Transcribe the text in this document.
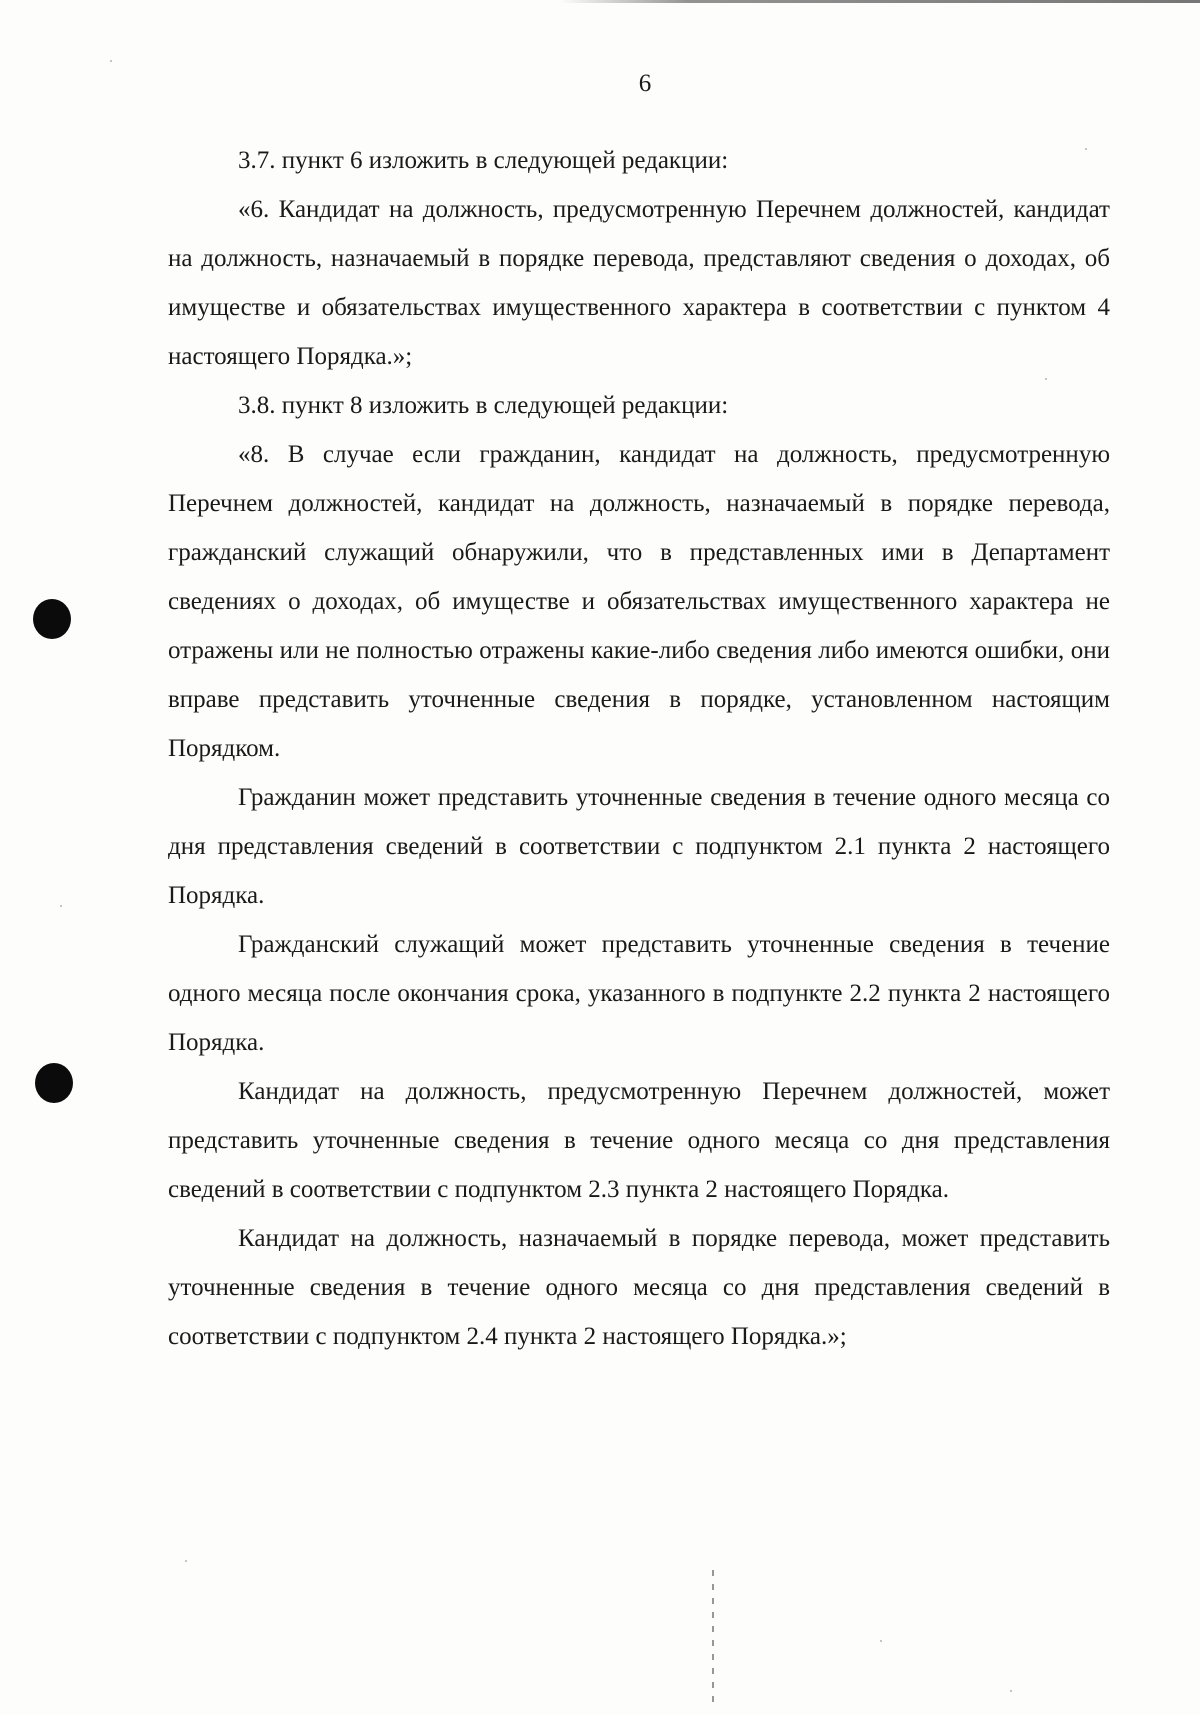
6

3.7. пункт 6 изложить в следующей редакции:

«6. Кандидат на должность, предусмотренную Перечнем должностей, кандидат на должность, назначаемый в порядке перевода, представляют сведения о доходах, об имуществе и обязательствах имущественного характера в соответствии с пунктом 4 настоящего Порядка.»;

3.8. пункт 8 изложить в следующей редакции:

«8. В случае если гражданин, кандидат на должность, предусмотренную Перечнем должностей, кандидат на должность, назначаемый в порядке перевода, гражданский служащий обнаружили, что в представленных ими в Департамент сведениях о доходах, об имуществе и обязательствах имущественного характера не отражены или не полностью отражены какие-либо сведения либо имеются ошибки, они вправе представить уточненные сведения в порядке, установленном настоящим Порядком.

Гражданин может представить уточненные сведения в течение одного месяца со дня представления сведений в соответствии с подпунктом 2.1 пункта 2 настоящего Порядка.

Гражданский служащий может представить уточненные сведения в течение одного месяца после окончания срока, указанного в подпункте 2.2 пункта 2 настоящего Порядка.

Кандидат на должность, предусмотренную Перечнем должностей, может представить уточненные сведения в течение одного месяца со дня представления сведений в соответствии с подпунктом 2.3 пункта 2 настоящего Порядка.

Кандидат на должность, назначаемый в порядке перевода, может представить уточненные сведения в течение одного месяца со дня представления сведений в соответствии с подпунктом 2.4 пункта 2 настоящего Порядка.»;
